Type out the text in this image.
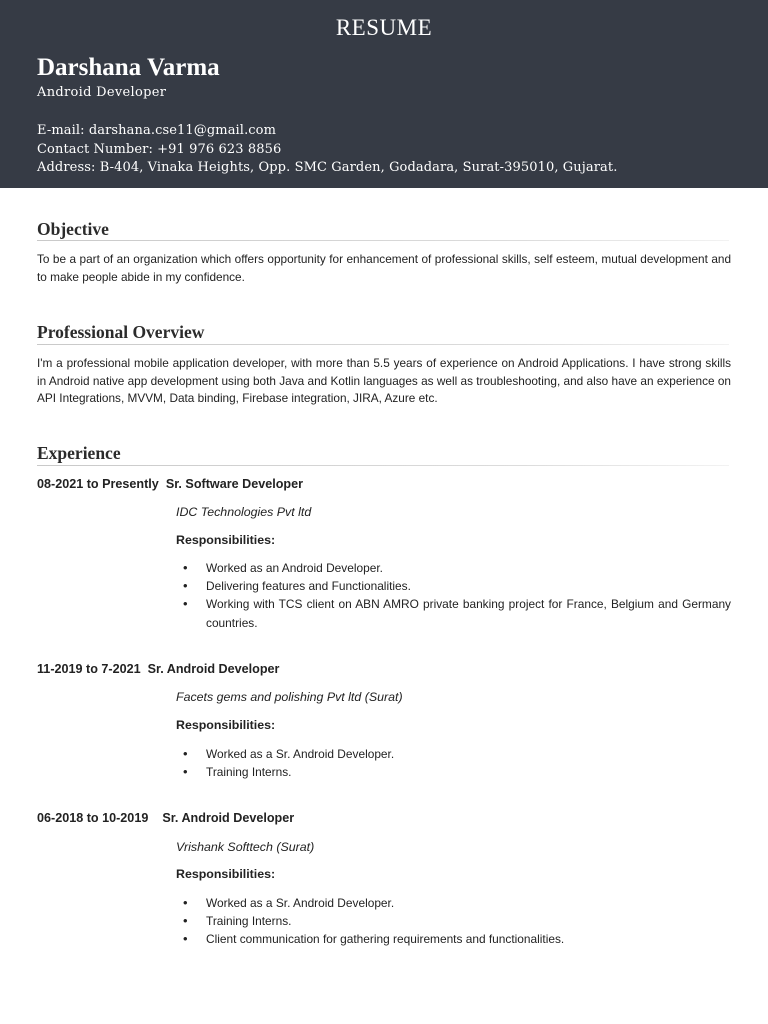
RESUME
Darshana Varma
Android Developer
E-mail: darshana.cse11@gmail.com
Contact Number: +91 976 623 8856
Address: B-404, Vinaka Heights, Opp. SMC Garden, Godadara, Surat-395010, Gujarat.
Objective
To be a part of an organization which offers opportunity for enhancement of professional skills, self esteem, mutual development and to make people abide in my confidence.
Professional Overview
I'm a professional mobile application developer, with more than 5.5 years of experience on Android Applications. I have strong skills in Android native app development using both Java and Kotlin languages as well as troubleshooting, and also have an experience on API Integrations, MVVM, Data binding, Firebase integration, JIRA, Azure etc.
Experience
08-2021 to Presently Sr. Software Developer
IDC Technologies Pvt ltd
Responsibilities:
• Worked as an Android Developer.
• Delivering features and Functionalities.
• Working with TCS client on ABN AMRO private banking project for France, Belgium and Germany countries.
11-2019 to 7-2021 Sr. Android Developer
Facets gems and polishing Pvt ltd (Surat)
Responsibilities:
• Worked as a Sr. Android Developer.
• Training Interns.
06-2018 to 10-2019 Sr. Android Developer
Vrishank Softtech (Surat)
Responsibilities:
• Worked as a Sr. Android Developer.
• Training Interns.
• Client communication for gathering requirements and functionalities.
